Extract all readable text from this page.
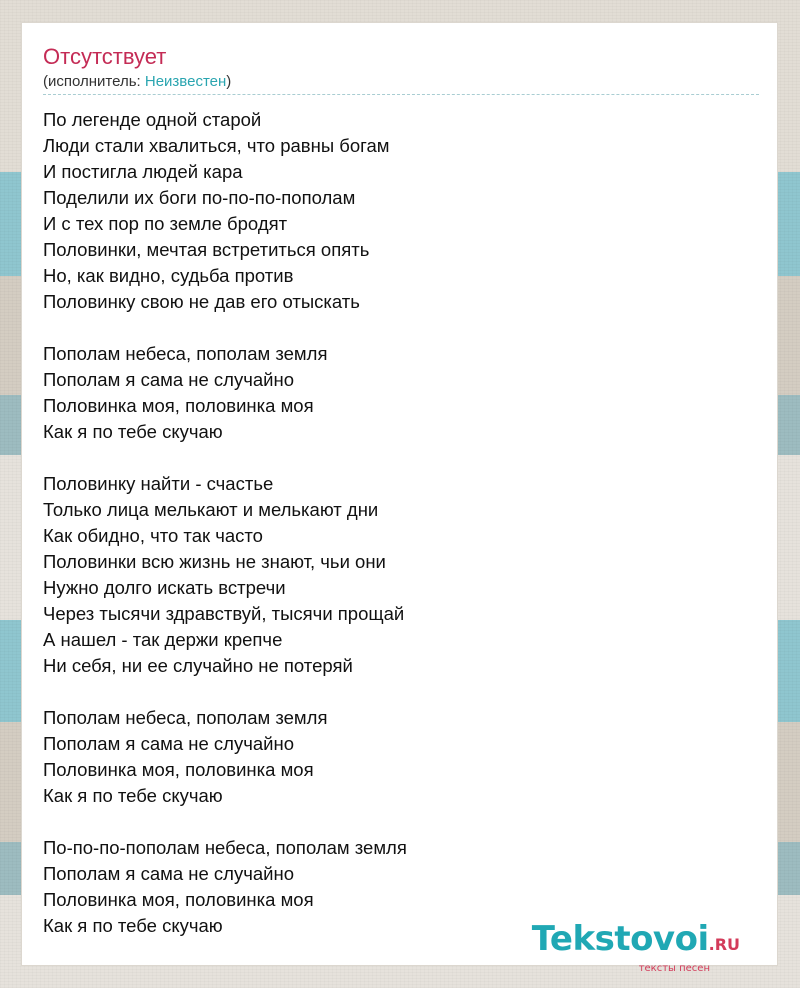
Отсутствует
(исполнитель: Неизвестен)
По легенде одной старой
Люди стали хвалиться, что равны богам
И постигла людей кара
Поделили их боги по-по-по-пополам
И с тех пор по земле бродят
Половинки, мечтая встретиться опять
Но, как видно, судьба против
Половинку свою не дав его отыскать

Пополам небеса, пополам земля
Пополам я сама не случайно
Половинка моя, половинка моя
Как я по тебе скучаю

Половинку найти - счастье
Только лица мелькают и мелькают дни
Как обидно, что так часто
Половинки всю жизнь не знают, чьи они
Нужно долго искать встречи
Через тысячи здравствуй, тысячи прощай
А нашел - так держи крепче
Ни себя, ни ее случайно не потеряй

Пополам небеса, пополам земля
Пополам я сама не случайно
Половинка моя, половинка моя
Как я по тебе скучаю

По-по-по-пополам небеса, пополам земля
Пополам я сама не случайно
Половинка моя, половинка моя
Как я по тебе скучаю	Tekstovoi.RU
тексты песен
